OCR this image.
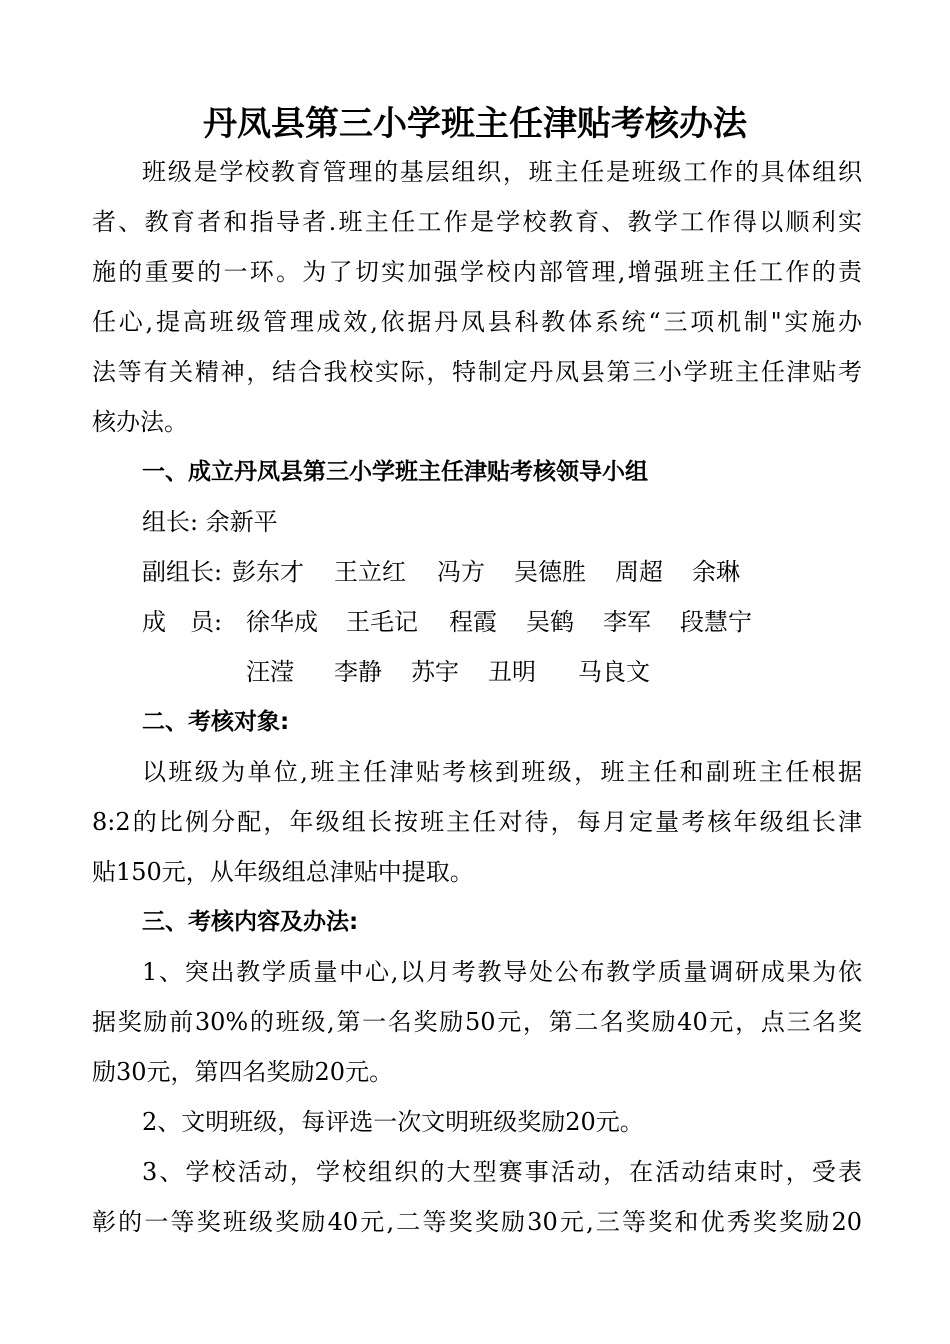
丹凤县第三小学班主任津贴考核办法
班级是学校教育管理的基层组织，班主任是班级工作的具体组织
者、教育者和指导者.班主任工作是学校教育、教学工作得以顺利实
施的重要的一环。为了切实加强学校内部管理,增强班主任工作的责
任心,提高班级管理成效,依据丹凤县科教体系统“三项机制"实施办
法等有关精神，结合我校实际，特制定丹凤县第三小学班主任津贴考
核办法。
一、成立丹凤县第三小学班主任津贴考核领导小组
组长: 余新平
副组长: 彭东才 王立红 冯方 吴德胜 周超 余琳
成　员: 徐华成 王毛记 程霞 吴鹤 李军 段慧宁
汪滢 李静 苏宇 丑明 马良文
二、考核对象:
以班级为单位,班主任津贴考核到班级，班主任和副班主任根据
8:2的比例分配，年级组长按班主任对待，每月定量考核年级组长津
贴150元，从年级组总津贴中提取。
三、考核内容及办法:
1、突出教学质量中心,以月考教导处公布教学质量调研成果为依
据奖励前30%的班级,第一名奖励50元，第二名奖励40元，点三名奖
励30元，第四名奖励20元。
2、文明班级，每评选一次文明班级奖励20元。
3、学校活动，学校组织的大型赛事活动，在活动结束时，受表
彰的一等奖班级奖励40元,二等奖奖励30元,三等奖和优秀奖奖励20
